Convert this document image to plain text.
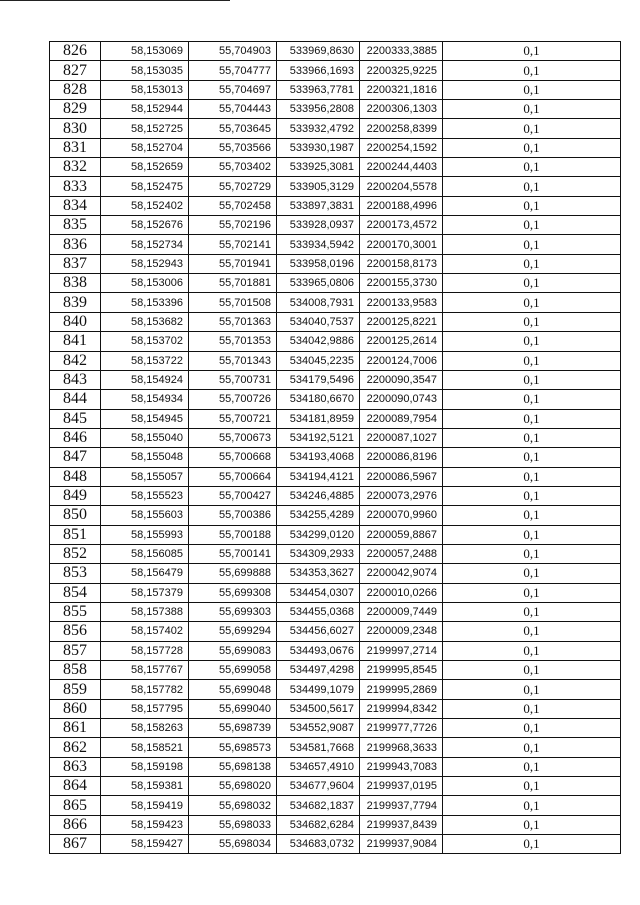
826	58,153069	55,704903	533969,8630	2200333,3885	0,1
827	58,153035	55,704777	533966,1693	2200325,9225	0,1
828	58,153013	55,704697	533963,7781	2200321,1816	0,1
829	58,152944	55,704443	533956,2808	2200306,1303	0,1
830	58,152725	55,703645	533932,4792	2200258,8399	0,1
831	58,152704	55,703566	533930,1987	2200254,1592	0,1
832	58,152659	55,703402	533925,3081	2200244,4403	0,1
833	58,152475	55,702729	533905,3129	2200204,5578	0,1
834	58,152402	55,702458	533897,3831	2200188,4996	0,1
835	58,152676	55,702196	533928,0937	2200173,4572	0,1
836	58,152734	55,702141	533934,5942	2200170,3001	0,1
837	58,152943	55,701941	533958,0196	2200158,8173	0,1
838	58,153006	55,701881	533965,0806	2200155,3730	0,1
839	58,153396	55,701508	534008,7931	2200133,9583	0,1
840	58,153682	55,701363	534040,7537	2200125,8221	0,1
841	58,153702	55,701353	534042,9886	2200125,2614	0,1
842	58,153722	55,701343	534045,2235	2200124,7006	0,1
843	58,154924	55,700731	534179,5496	2200090,3547	0,1
844	58,154934	55,700726	534180,6670	2200090,0743	0,1
845	58,154945	55,700721	534181,8959	2200089,7954	0,1
846	58,155040	55,700673	534192,5121	2200087,1027	0,1
847	58,155048	55,700668	534193,4068	2200086,8196	0,1
848	58,155057	55,700664	534194,4121	2200086,5967	0,1
849	58,155523	55,700427	534246,4885	2200073,2976	0,1
850	58,155603	55,700386	534255,4289	2200070,9960	0,1
851	58,155993	55,700188	534299,0120	2200059,8867	0,1
852	58,156085	55,700141	534309,2933	2200057,2488	0,1
853	58,156479	55,699888	534353,3627	2200042,9074	0,1
854	58,157379	55,699308	534454,0307	2200010,0266	0,1
855	58,157388	55,699303	534455,0368	2200009,7449	0,1
856	58,157402	55,699294	534456,6027	2200009,2348	0,1
857	58,157728	55,699083	534493,0676	2199997,2714	0,1
858	58,157767	55,699058	534497,4298	2199995,8545	0,1
859	58,157782	55,699048	534499,1079	2199995,2869	0,1
860	58,157795	55,699040	534500,5617	2199994,8342	0,1
861	58,158263	55,698739	534552,9087	2199977,7726	0,1
862	58,158521	55,698573	534581,7668	2199968,3633	0,1
863	58,159198	55,698138	534657,4910	2199943,7083	0,1
864	58,159381	55,698020	534677,9604	2199937,0195	0,1
865	58,159419	55,698032	534682,1837	2199937,7794	0,1
866	58,159423	55,698033	534682,6284	2199937,8439	0,1
867	58,159427	55,698034	534683,0732	2199937,9084	0,1
